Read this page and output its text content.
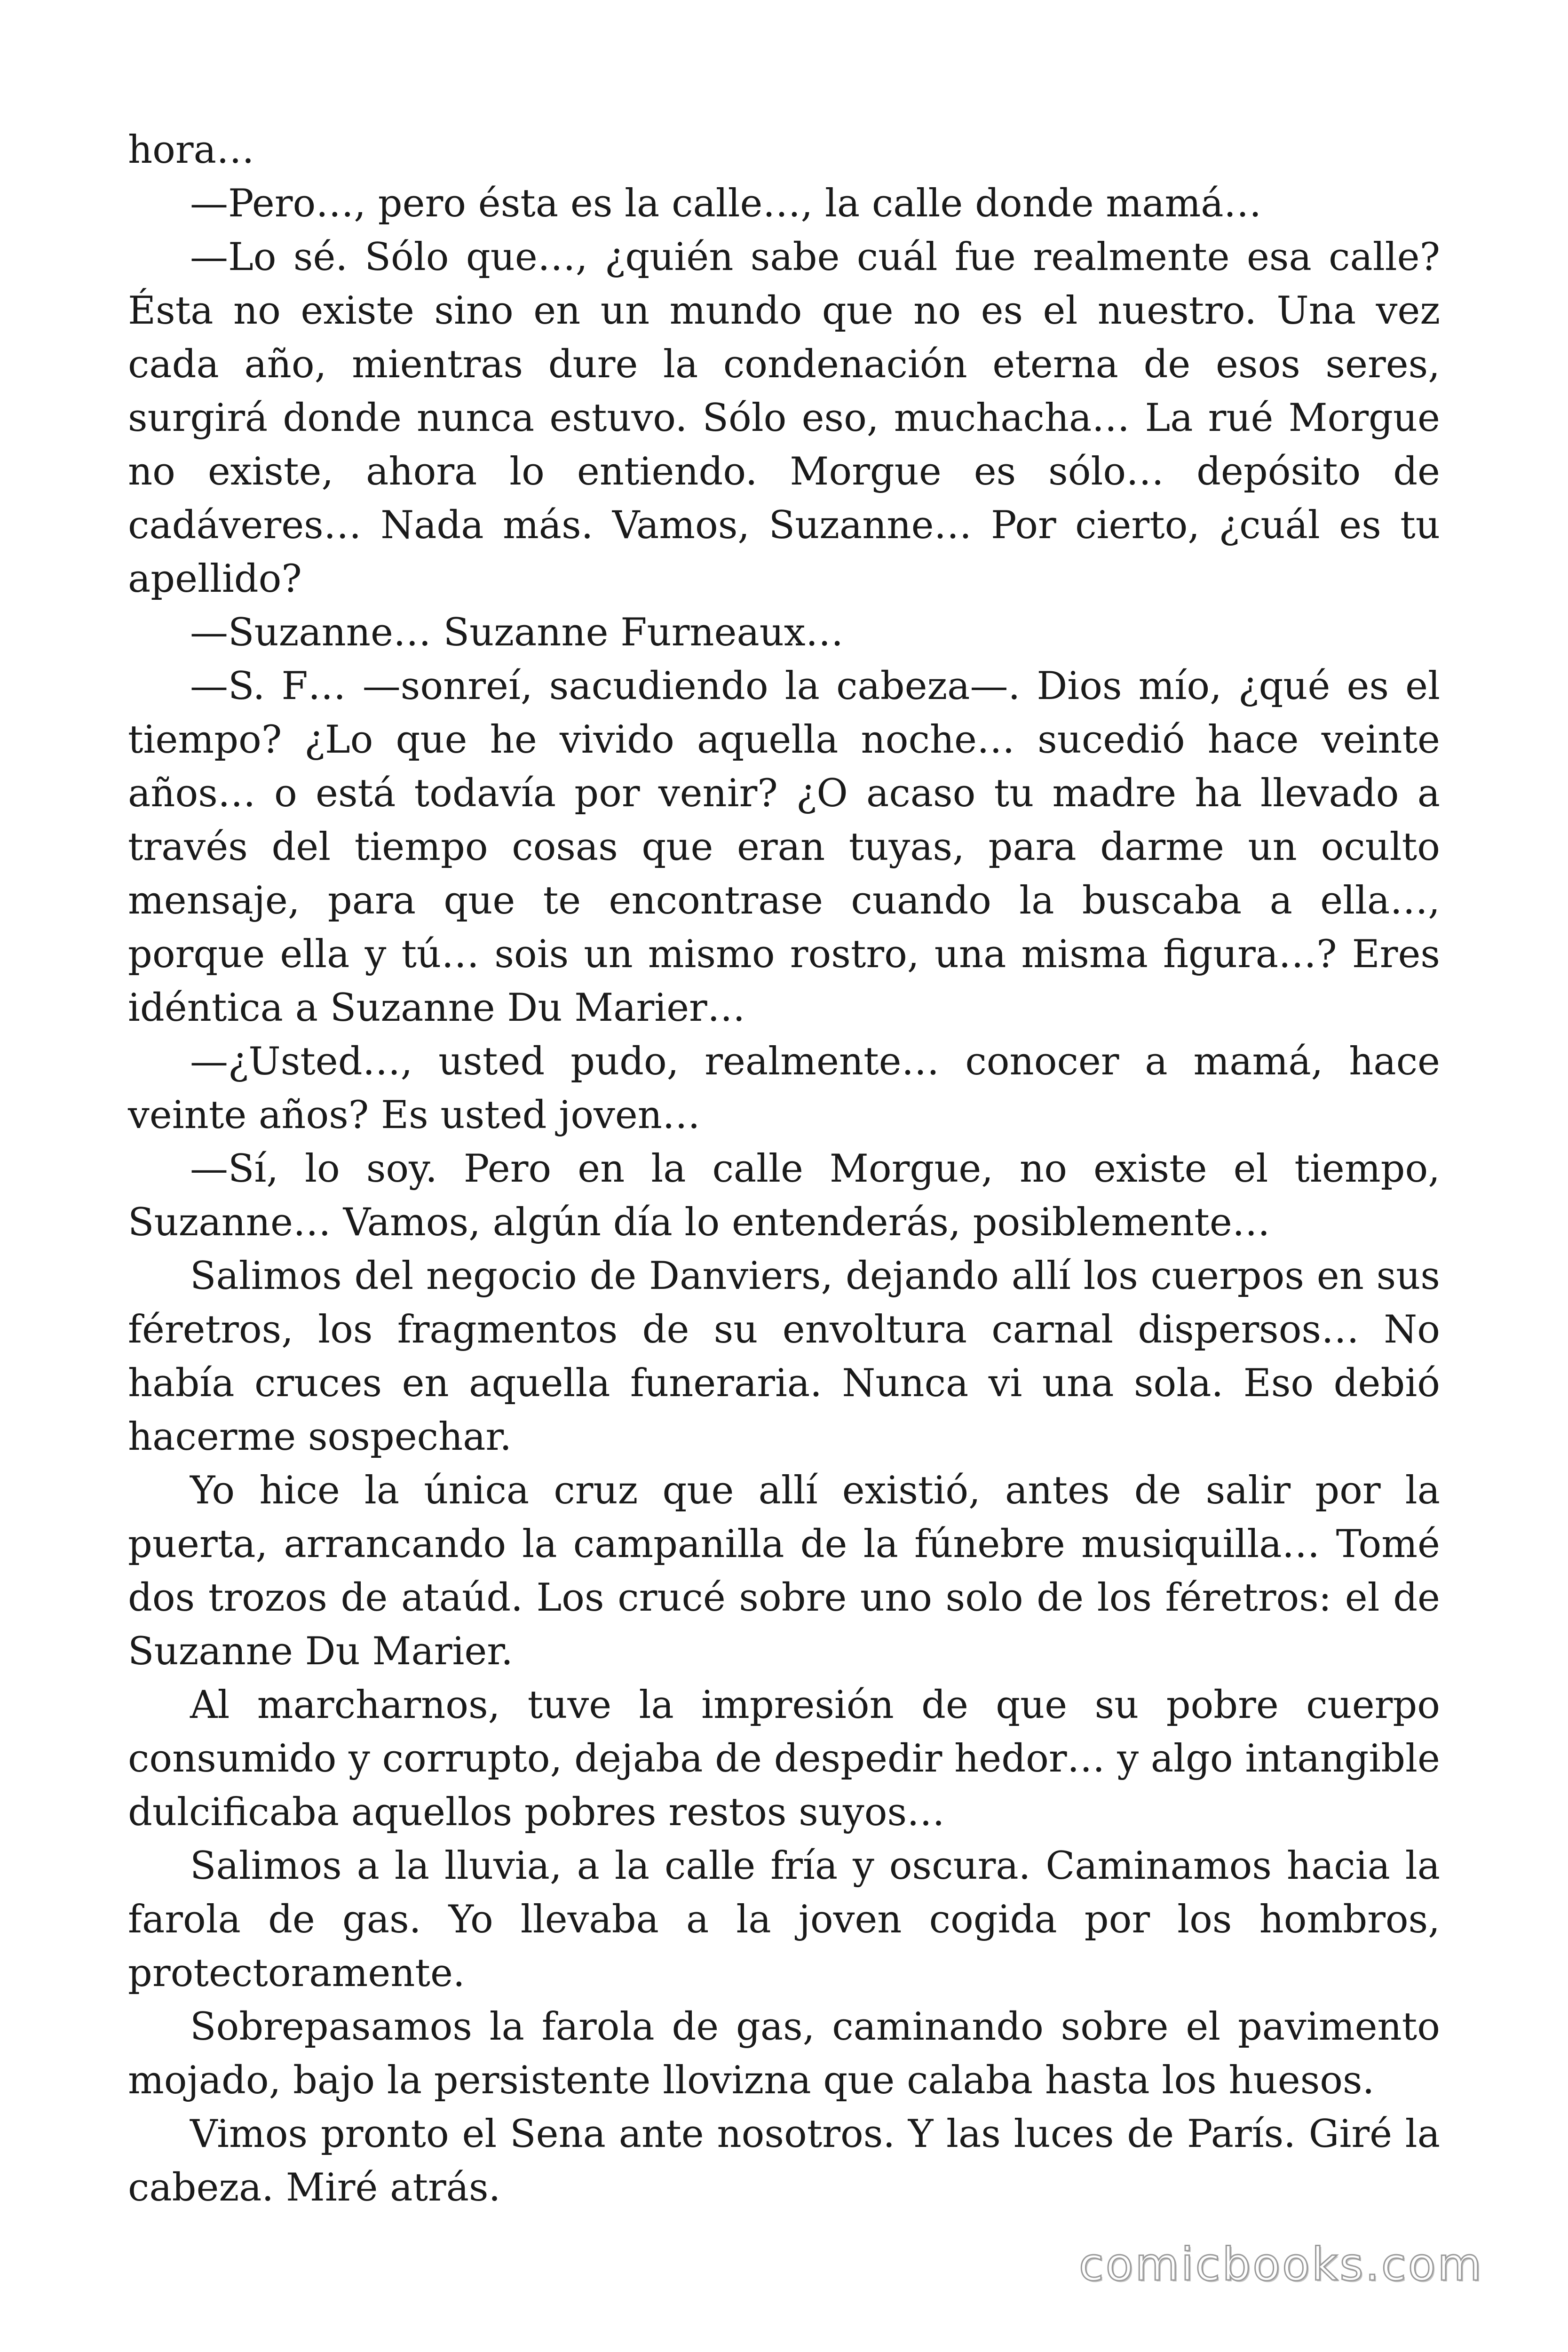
hora…

—Pero…, pero ésta es la calle…, la calle donde mamá…

—Lo sé. Sólo que…, ¿quién sabe cuál fue realmente esa calle? Ésta no existe sino en un mundo que no es el nuestro. Una vez cada año, mientras dure la condenación eterna de esos seres, surgirá donde nunca estuvo. Sólo eso, muchacha… La rué Morgue no existe, ahora lo entiendo. Morgue es sólo… depósito de cadáveres… Nada más. Vamos, Suzanne… Por cierto, ¿cuál es tu apellido?

—Suzanne… Suzanne Furneaux…

—S. F… —sonreí, sacudiendo la cabeza—. Dios mío, ¿qué es el tiempo? ¿Lo que he vivido aquella noche… sucedió hace veinte años… o está todavía por venir? ¿O acaso tu madre ha llevado a través del tiempo cosas que eran tuyas, para darme un oculto mensaje, para que te encontrase cuando la buscaba a ella…, porque ella y tú… sois un mismo rostro, una misma figura…? Eres idéntica a Suzanne Du Marier…

—¿Usted…, usted pudo, realmente… conocer a mamá, hace veinte años? Es usted joven…

—Sí, lo soy. Pero en la calle Morgue, no existe el tiempo, Suzanne… Vamos, algún día lo entenderás, posiblemente…

Salimos del negocio de Danviers, dejando allí los cuerpos en sus féretros, los fragmentos de su envoltura carnal dispersos… No había cruces en aquella funeraria. Nunca vi una sola. Eso debió hacerme sospechar.

Yo hice la única cruz que allí existió, antes de salir por la puerta, arrancando la campanilla de la fúnebre musiquilla… Tomé dos trozos de ataúd. Los crucé sobre uno solo de los féretros: el de Suzanne Du Marier.

Al marcharnos, tuve la impresión de que su pobre cuerpo consumido y corrupto, dejaba de despedir hedor… y algo intangible dulcificaba aquellos pobres restos suyos…

Salimos a la lluvia, a la calle fría y oscura. Caminamos hacia la farola de gas. Yo llevaba a la joven cogida por los hombros, protectoramente.

Sobrepasamos la farola de gas, caminando sobre el pavimento mojado, bajo la persistente llovizna que calaba hasta los huesos.

Vimos pronto el Sena ante nosotros. Y las luces de París. Giré la cabeza. Miré atrás.

comicbooks.com
